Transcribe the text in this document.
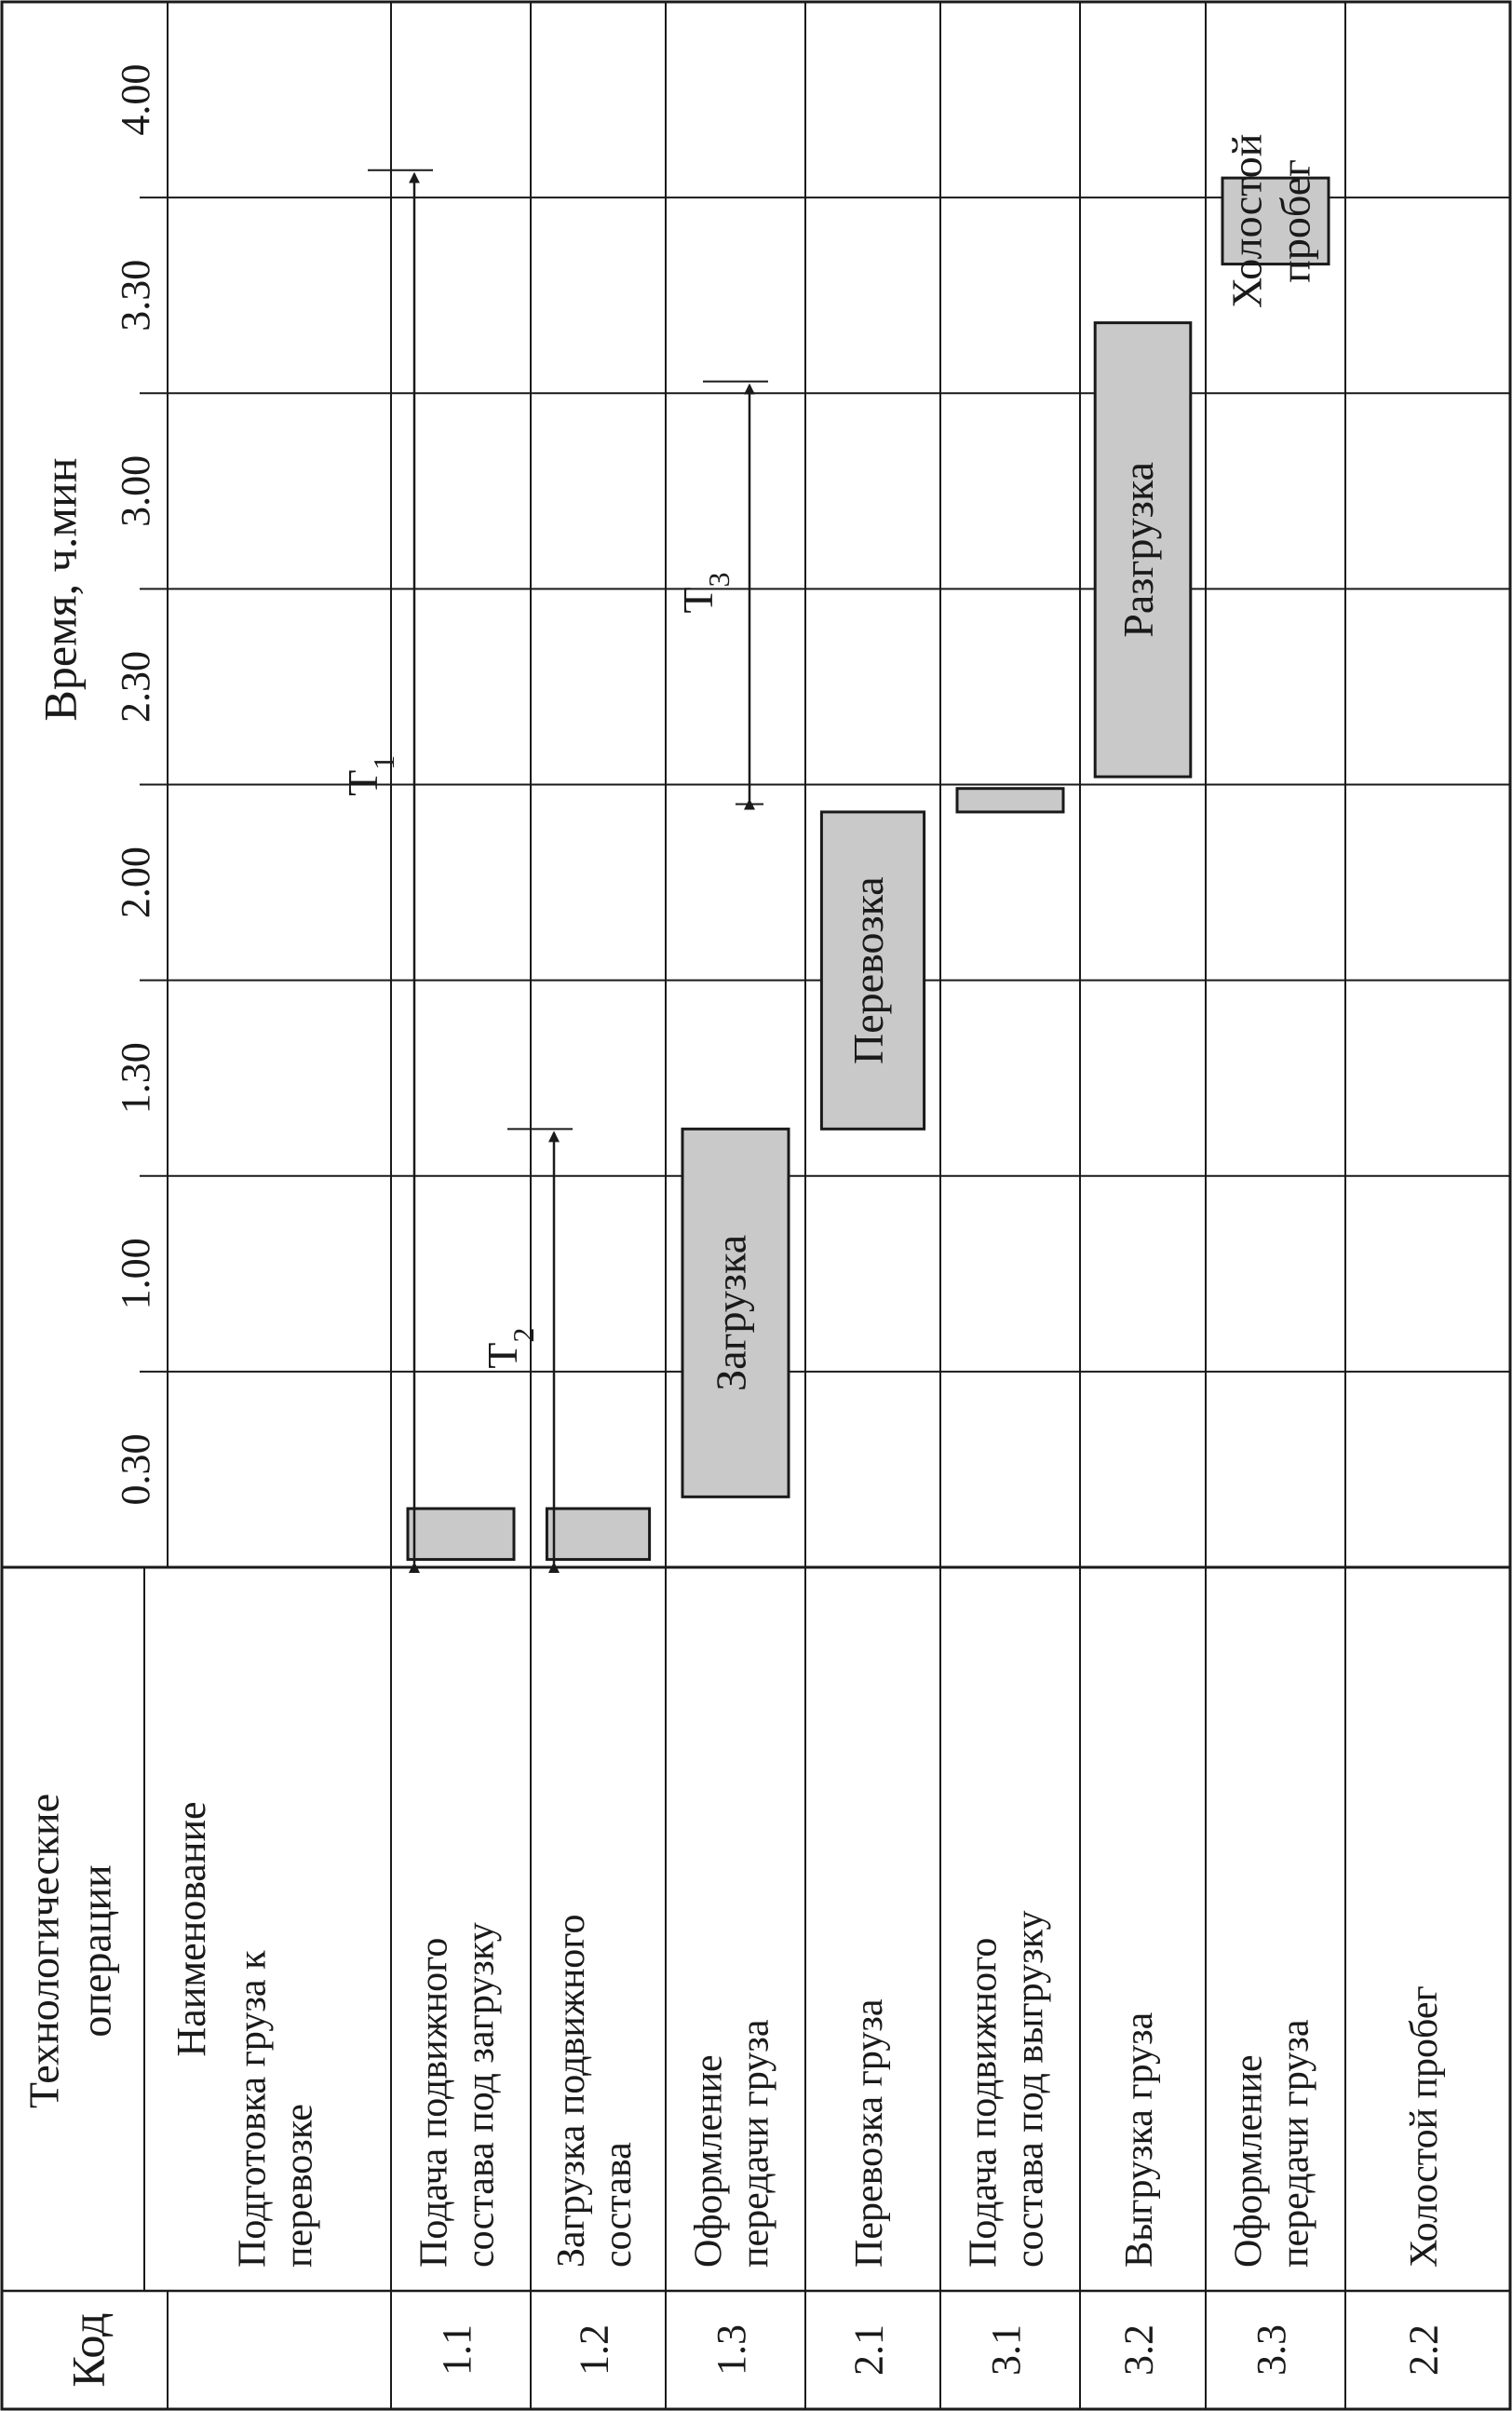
Код
Технологические операции Наименование
Время, ч.мин
0.30
1.00
1.30
2.00
2.30
3.00
3.30
4.00
Подготовка груза к перевозке
1.1
Подача подвижного состава под загрузку
1.2
Загрузка подвижного состава
1.3
Оформление передачи груза
2.1
Перевозка груза
3.1
Подача подвижного состава под выгрузку
3.2
Выгрузка груза
3.3
Оформление передачи груза
2.2
Холостой пробег
Загрузка
Перевозка
Разгрузка
Холостой пробег
$Т_1$
$Т_2$
$Т_3$
